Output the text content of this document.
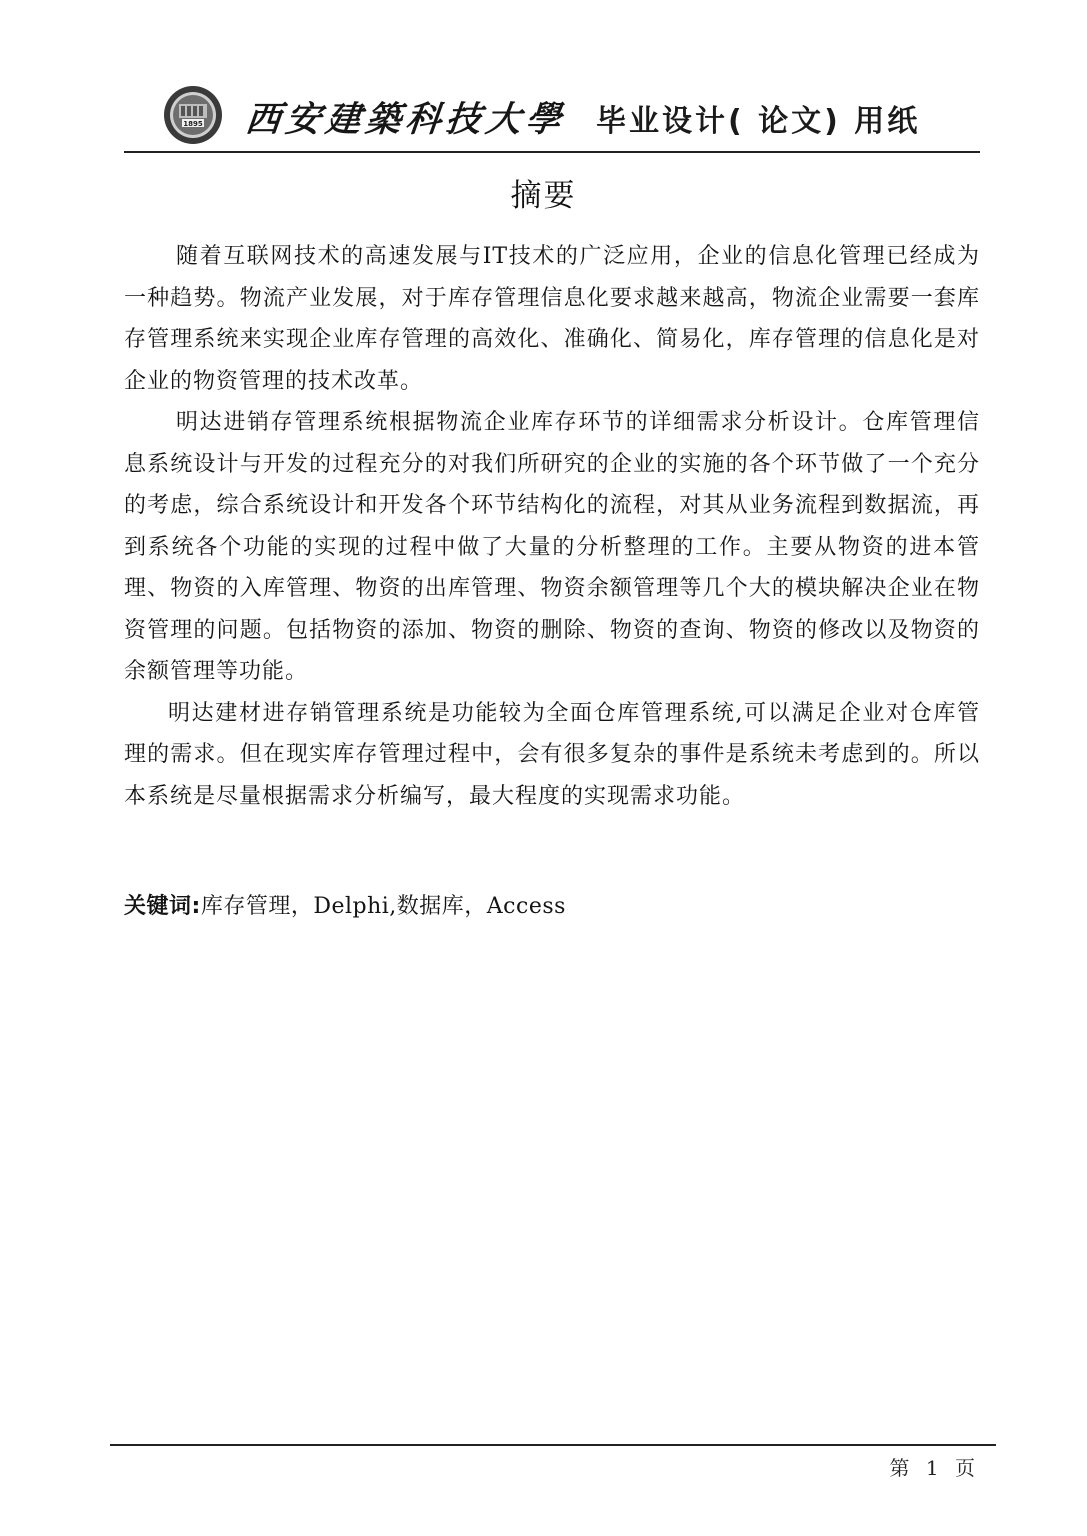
1895 西安建築科技大學 毕业设计( 论文) 用纸
摘要

随着互联网技术的高速发展与IT技术的广泛应用，企业的信息化管理已经成为一种趋势。物流产业发展，对于库存管理信息化要求越来越高，物流企业需要一套库存管理系统来实现企业库存管理的高效化、准确化、简易化，库存管理的信息化是对企业的物资管理的技术改革。

明达进销存管理系统根据物流企业库存环节的详细需求分析设计。仓库管理信息系统设计与开发的过程充分的对我们所研究的企业的实施的各个环节做了一个充分的考虑，综合系统设计和开发各个环节结构化的流程，对其从业务流程到数据流，再到系统各个功能的实现的过程中做了大量的分析整理的工作。主要从物资的进本管理、物资的入库管理、物资的出库管理、物资余额管理等几个大的模块解决企业在物资管理的问题。包括物资的添加、物资的删除、物资的查询、物资的修改以及物资的余额管理等功能。

明达建材进存销管理系统是功能较为全面仓库管理系统,可以满足企业对仓库管理的需求。但在现实库存管理过程中，会有很多复杂的事件是系统未考虑到的。所以本系统是尽量根据需求分析编写，最大程度的实现需求功能。

关键词:库存管理，Delphi,数据库，Access
第 1 页
